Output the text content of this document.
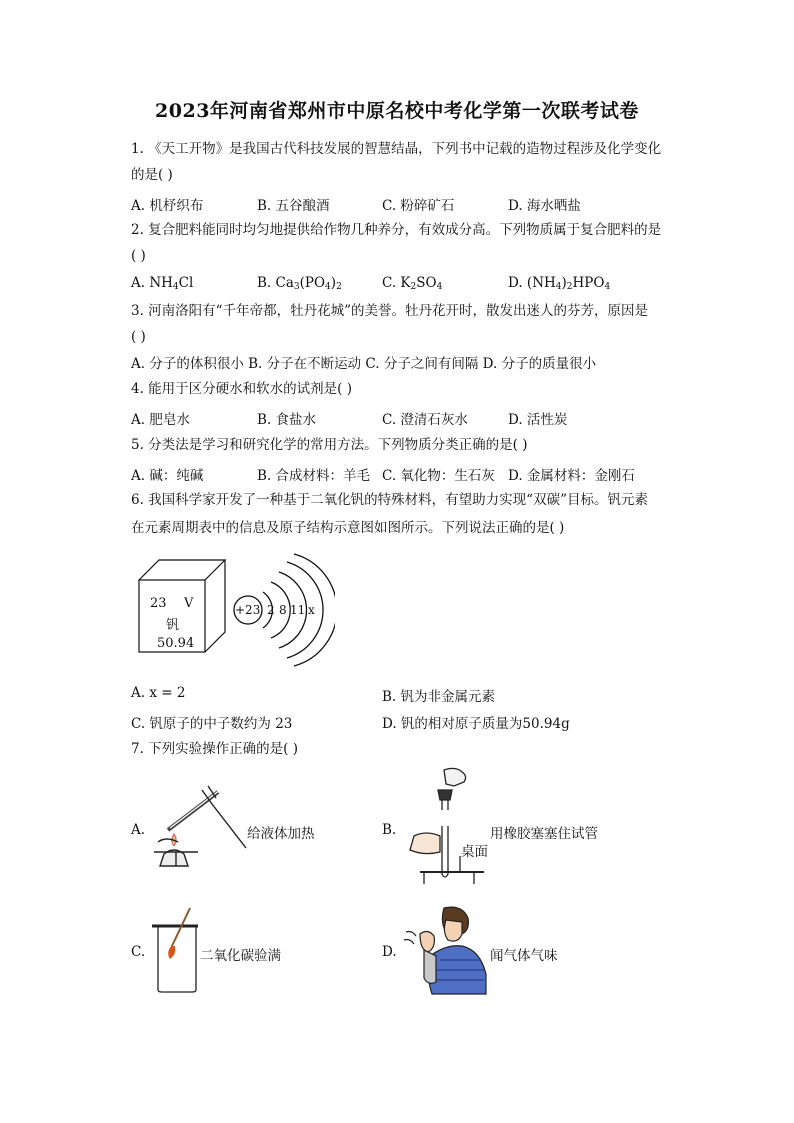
2023年河南省郑州市中原名校中考化学第一次联考试卷
1. 《天工开物》是我国古代科技发展的智慧结晶，下列书中记载的造物过程涉及化学变化
的是( )
A. 机杼织布	B. 五谷酿酒	C. 粉碎矿石	D. 海水晒盐
2. 复合肥料能同时均匀地提供给作物几种养分，有效成分高。下列物质属于复合肥料的是
( )
A. $NH_4Cl$	B. $Ca_3(PO_4)_2$	C. $K_2SO_4$	D. $(NH_4)_2HPO_4$
3. 河南洛阳有“千年帝都，牡丹花城”的美誉。牡丹花开时，散发出迷人的芬芳，原因是
( )
A. 分子的体积很小 B. 分子在不断运动 C. 分子之间有间隔 D. 分子的质量很小
4. 能用于区分硬水和软水的试剂是( )
A. 肥皂水	B. 食盐水	C. 澄清石灰水	D. 活性炭
5. 分类法是学习和研究化学的常用方法。下列物质分类正确的是( )
A. 碱：纯碱	B. 合成材料：羊毛 C. 氧化物：生石灰 D. 金属材料：金刚石
6. 我国科学家开发了一种基于二氧化钒的特殊材料，有望助力实现“双碳”目标。钒元素
在元素周期表中的信息及原子结构示意图如图所示。下列说法正确的是( )
23 V
钒
50.94
+23 2 8 11 x
A. x = 2	B. 钒为非金属元素
C. 钒原子的中子数约为 23	D. 钒的相对原子质量为50.94g
7. 下列实验操作正确的是( )
A.	给液体加热	B.	用橡胶塞塞住试管
桌面
C.	二氧化碳验满	D.	闻气体气味
